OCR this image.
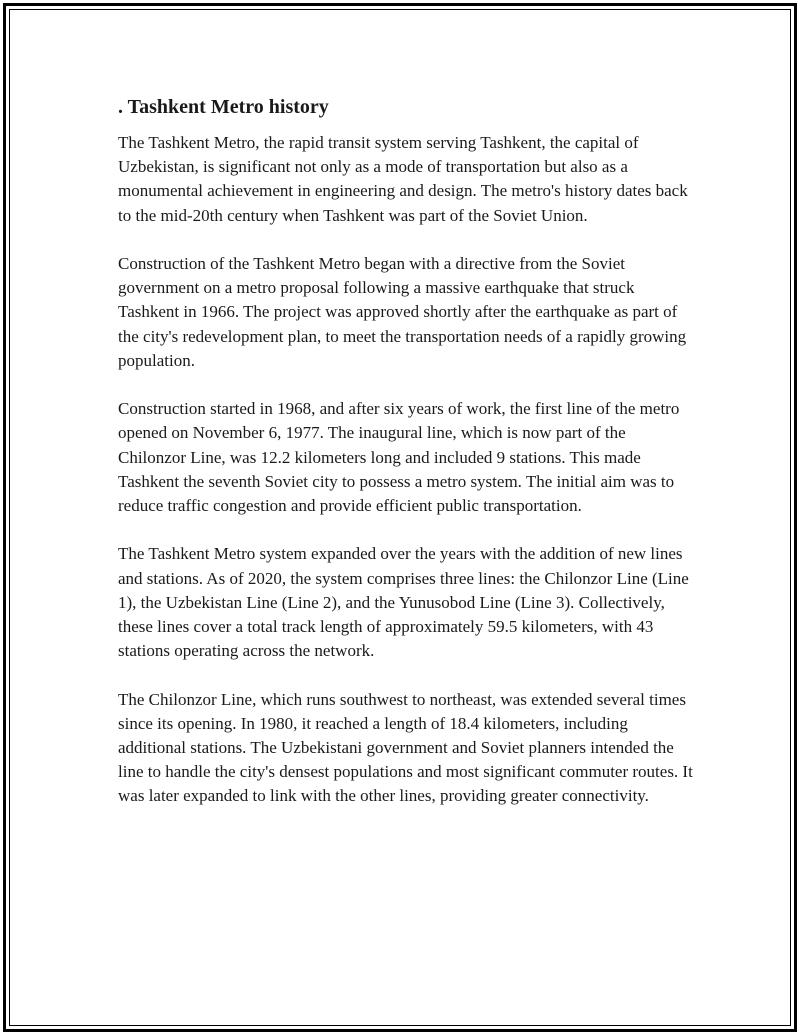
. Tashkent Metro history

The Tashkent Metro, the rapid transit system serving Tashkent, the capital of Uzbekistan, is significant not only as a mode of transportation but also as a monumental achievement in engineering and design. The metro's history dates back to the mid-20th century when Tashkent was part of the Soviet Union.

Construction of the Tashkent Metro began with a directive from the Soviet government on a metro proposal following a massive earthquake that struck Tashkent in 1966. The project was approved shortly after the earthquake as part of the city's redevelopment plan, to meet the transportation needs of a rapidly growing population.

Construction started in 1968, and after six years of work, the first line of the metro opened on November 6, 1977. The inaugural line, which is now part of the Chilonzor Line, was 12.2 kilometers long and included 9 stations. This made Tashkent the seventh Soviet city to possess a metro system. The initial aim was to reduce traffic congestion and provide efficient public transportation.

The Tashkent Metro system expanded over the years with the addition of new lines and stations. As of 2020, the system comprises three lines: the Chilonzor Line (Line 1), the Uzbekistan Line (Line 2), and the Yunusobod Line (Line 3). Collectively, these lines cover a total track length of approximately 59.5 kilometers, with 43 stations operating across the network.

The Chilonzor Line, which runs southwest to northeast, was extended several times since its opening. In 1980, it reached a length of 18.4 kilometers, including additional stations. The Uzbekistani government and Soviet planners intended the line to handle the city's densest populations and most significant commuter routes. It was later expanded to link with the other lines, providing greater connectivity.
